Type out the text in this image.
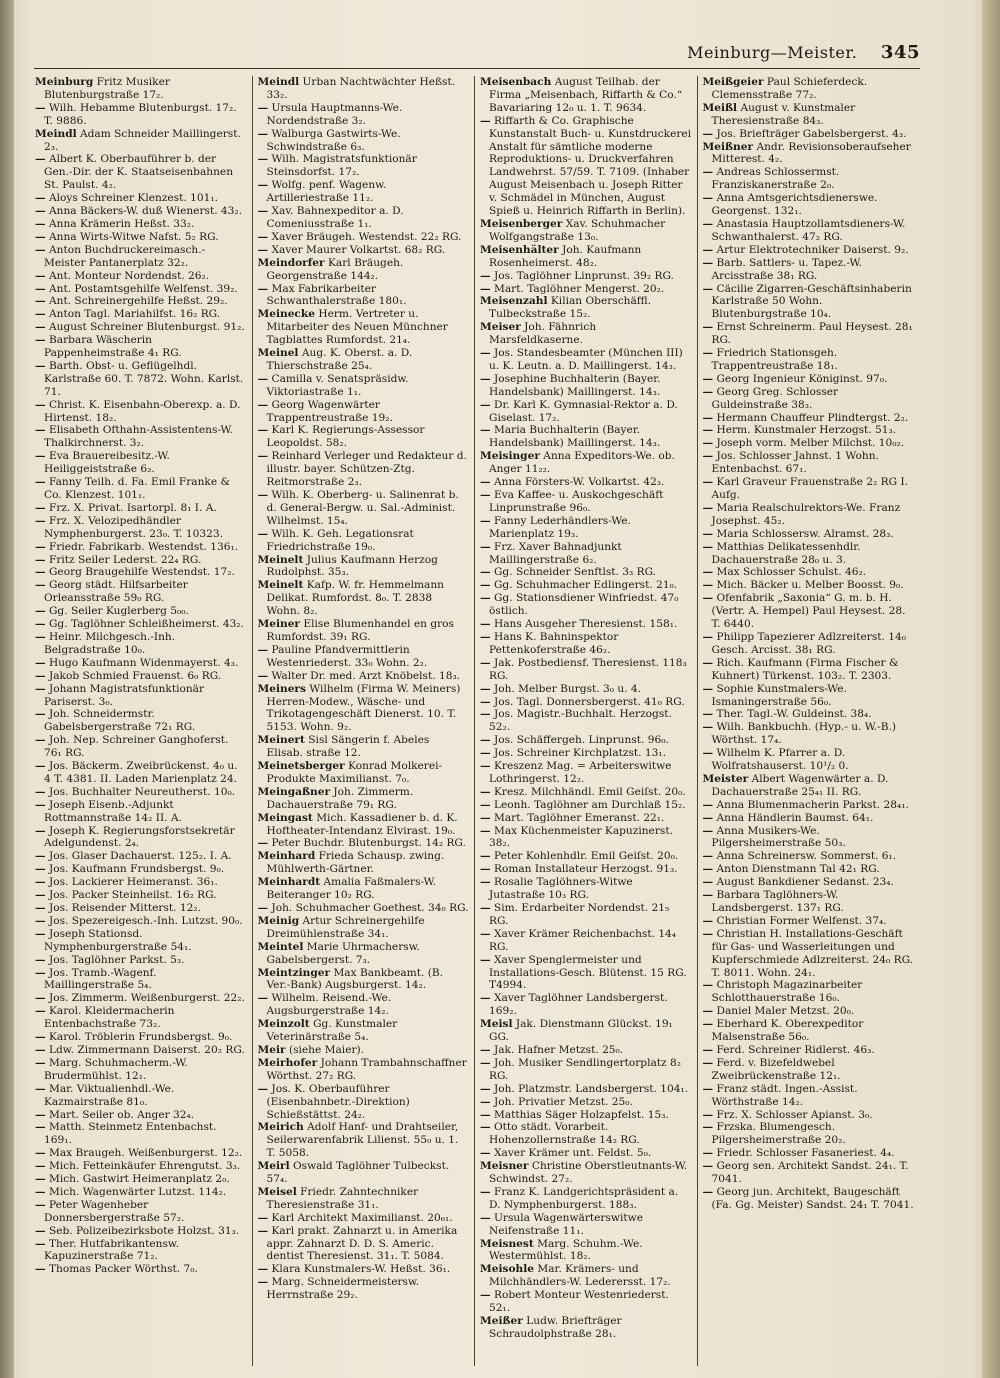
Meinburg—Meister. 345

Meinburg Fritz Musiker Blutenburgstraße 17₂.

— Wilh. Hebamme Blutenburgst. 17₂. T. 9886.

Meindl Adam Schneider Maillingerst. 2₃.

— Albert K. Oberbauführer b. der Gen.-Dir. der K. Staatseisenbahnen St. Paulst. 4₂.

— Aloys Schreiner Klenzest. 101₁.

— Anna Bäckers-W. duß Wienerst. 43₂.

— Anna Krämerin Heßst. 33₂.

— Anna Wirts-Witwe Nafst. 5₂ RG.

— Anton Buchdruckereimasch.-Meister Pantanerplatz 32₂.

— Ant. Monteur Nordendst. 26₂.

— Ant. Postamtsgehilfe Welfenst. 39₂.

— Ant. Schreinergehilfe Heßst. 29₂.

— Anton Tagl. Mariahilfst. 16₂ RG.

— August Schreiner Blutenburgst. 91₂.

— Barbara Wäscherin Pappenheimstraße 4₁ RG.

— Barth. Obst- u. Geflügelhdl. Karlstraße 60. T. 7872. Wohn. Karlst. 71.

— Christ. K. Eisenbahn-Oberexp. a. D. Hirtenst. 18₂.

— Elisabeth Ofthahn-Assistentens-W. Thalkirchnerst. 3₂.

— Eva Brauereibesitz.-W. Heiliggeiststraße 6₂.

— Fanny Teilh. d. Fa. Emil Franke & Co. Klenzest. 101₁.

— Frz. X. Privat. Isartorpl. 8₁ I. A.

— Frz. X. Velozipedhändler Nymphenburgerst. 23₀. T. 10323.

— Friedr. Fabrikarb. Westendst. 136₁.

— Fritz Seiler Lederst. 22₄ RG.

— Georg Braugehilfe Westendst. 17₂.

— Georg städt. Hilfsarbeiter Orleansstraße 59₀ RG.

— Gg. Seiler Kuglerberg 5₀₀.

— Gg. Taglöhner Schleißheimerst. 43₂.

— Heinr. Milchgesch.-Inh. Belgradstraße 10₀.

— Hugo Kaufmann Widenmayerst. 4₃.

— Jakob Schmied Frauenst. 6₀ RG.

— Johann Magistratsfunktionär Pariserst. 3₀.

— Joh. Schneidermstr. Gabelsbergerstraße 72₁ RG.

— Joh. Nep. Schreiner Ganghoferst. 76₁ RG.

— Jos. Bäckerm. Zweibrückenst. 4₀ u. 4 T. 4381. II. Laden Marienplatz 24.

— Jos. Buchhalter Neureutherst. 10₀.

— Joseph Eisenb.-Adjunkt Rottmannstraße 14₂ II. A.

— Joseph K. Regierungsforstsekretär Adelgundenst. 2₄.

— Jos. Glaser Dachauerst. 125₂. I. A.

— Jos. Kaufmann Frundsbergst. 9₀.

— Jos. Lackierer Heimeranst. 36₁.

— Jos. Packer Steinheilst. 16₂ RG.

— Jos. Reisender Mitterst. 12₂.

— Jos. Spezereigesch.-Inh. Lutzst. 90₀.

— Joseph Stationsd. Nymphenburgerstraße 54₁.

— Jos. Taglöhner Parkst. 5₃.

— Jos. Tramb.-Wagenf. Maillingerstraße 5₄.

— Jos. Zimmerm. Weißenburgerst. 22₂.

— Karol. Kleidermacherin Entenbachstraße 73₂.

— Karol. Tröblerin Frundsbergst. 9₀.

— Ldw. Zimmermann Daiserst. 20₂ RG.

— Marg. Schuhmacherm.-W. Brudermühlst. 12₁.

— Mar. Viktualienhdl.-We. Kazmairstraße 81₀.

— Mart. Seiler ob. Anger 32₄.

— Matth. Steinmetz Entenbachst. 169₁.

— Max Braugeh. Weißenburgerst. 12₂.

— Mich. Fetteinkäufer Ehrengutst. 3₃.

— Mich. Gastwirt Heimeranplatz 2₀.

— Mich. Wagenwärter Lutzst. 114₂.

— Peter Wagenheber Donnersbergerstraße 57₂.

— Seb. Polizeibezirksbote Holzst. 31₃.

— Ther. Hutfabrikantensw. Kapuzinerstraße 71₂.

— Thomas Packer Wörthst. 7₀.

Meindl Urban Nachtwächter Heßst. 33₂.

— Ursula Hauptmanns-We. Nordendstraße 3₂.

— Walburga Gastwirts-We. Schwindstraße 6₃.

— Wilh. Magistratsfunktionär Steinsdorfst. 17₂.

— Wolfg. penf. Wagenw. Artilleriestraße 11₂.

— Xav. Bahnexpeditor a. D. Comeniusstraße 1₁.

— Xaver Bräugeh. Westendst. 22₂ RG.

— Xaver Maurer Volkartst. 68₂ RG.

Meindorfer Karl Bräugeh. Georgenstraße 144₂.

— Max Fabrikarbeiter Schwanthalerstraße 180₁.

Meinecke Herm. Vertreter u. Mitarbeiter des Neuen Münchner Tagblattes Rumfordst. 21₄.

Meinel Aug. K. Oberst. a. D. Thierschstraße 25₄.

— Camilla v. Senatspräsidw. Viktoriastraße 1₁.

— Georg Wagenwärter Trappentreustraße 19₂.

— Karl K. Regierungs-Assessor Leopoldst. 58₂.

— Reinhard Verleger und Redakteur d. illustr. bayer. Schützen-Ztg. Reitmorstraße 2₃.

— Wilh. K. Oberberg- u. Salinenrat b. d. General-Bergw. u. Sal.-Administ. Wilhelmst. 15₄.

— Wilh. K. Geh. Legationsrat Friedrichstraße 19₀.

Meinelt Julius Kaufmann Herzog Rudolphst. 35₃.

Meinelt Kafp. W. fr. Hemmelmann Delikat. Rumfordst. 8₀. T. 2838 Wohn. 8₂.

Meiner Elise Blumenhandel en gros Rumfordst. 39₁ RG.

— Pauline Pfandvermittlerin Westenriederst. 33₀ Wohn. 2₂.

— Walter Dr. med. Arzt Knöbelst. 18₃.

Meiners Wilhelm (Firma W. Meiners) Herren-Modew., Wäsche- und Trikotagengeschäft Dienerst. 10. T. 5153. Wohn. 9₂.

Meinert Sisl Sängerin f. Abeles Elisab. straße 12.

Meinetsberger Konrad Molkerei-Produkte Maximilianst. 7₀.

Meingaßner Joh. Zimmerm. Dachauerstraße 79₁ RG.

Meingast Mich. Kassadiener b. d. K. Hoftheater-Intendanz Elvirast. 19₀.

— Peter Buchdr. Blutenburgst. 14₂ RG.

Meinhard Frieda Schausp. zwing. Mühlwerth-Gärtner.

Meinhardt Amalia Faßmalers-W. Beiteranger 10₂ RG.

— Joh. Schuhmacher Goethest. 34₀ RG.

Meinig Artur Schreinergehilfe Dreimühlenstraße 34₁.

Meintel Marie Uhrmachersw. Gabelsbergerst. 7₃.

Meintzinger Max Bankbeamt. (B. Ver.-Bank) Augsburgerst. 14₂.

— Wilhelm. Reisend.-We. Augsburgerstraße 14₂.

Meinzolt Gg. Kunstmaler Veterinärstraße 5₄.

Meir (siehe Maier).

Meirhofer Johann Trambahnschaffner Wörthst. 27₂ RG.

— Jos. K. Oberbauführer (Eisenbahnbetr.-Direktion) Schießstättst. 24₂.

Meirich Adolf Hanf- und Drahtseiler, Seilerwarenfabrik Lilienst. 55₀ u. 1. T. 5058.

Meirl Oswald Taglöhner Tulbeckst. 57₄.

Meisel Friedr. Zahntechniker Theresienstraße 31₁.

— Karl Architekt Maximilianst. 20₆₁.

— Karl prakt. Zahnarzt u. in Amerika appr. Zahnarzt D. D. S. Americ. dentist Theresienst. 31₁. T. 5084.

— Klara Kunstmalers-W. Heßst. 36₁.

— Marg. Schneidermeistersw. Herrnstraße 29₂.

Meisenbach August Teilhab. der Firma „Meisenbach, Riffarth & Co.“ Bavariaring 12₀ u. 1. T. 9634.

— Riffarth & Co. Graphische Kunstanstalt Buch- u. Kunstdruckerei Anstalt für sämtliche moderne Reproduktions- u. Druckverfahren Landwehrst. 57/59. T. 7109. (Inhaber August Meisenbach u. Joseph Ritter v. Schmädel in München, August Spieß u. Heinrich Riffarth in Berlin).

Meisenberger Xav. Schuhmacher Wolfgangstraße 13₀.

Meisenhälter Joh. Kaufmann Rosenheimerst. 48₂.

— Jos. Taglöhner Linprunst. 39₂ RG.

— Mart. Taglöhner Mengerst. 20₂.

Meisenzahl Kilian Oberschäffl. Tulbeckstraße 15₂.

Meiser Joh. Fähnrich Marsfeldkaserne.

— Jos. Standesbeamter (München III) u. K. Leutn. a. D. Maillingerst. 14₃.

— Josephine Buchhalterin (Bayer. Handelsbank) Maillingerst. 14₃.

— Dr. Karl K. Gymnasial-Rektor a. D. Giselast. 17₂.

— Maria Buchhalterin (Bayer. Handelsbank) Maillingerst. 14₃.

Meisinger Anna Expeditors-We. ob. Anger 11₂₂.

— Anna Försters-W. Volkartst. 42₃.

— Eva Kaffee- u. Auskochgeschäft Linprunstraße 96₀.

— Fanny Lederhändlers-We. Marienplatz 19₃.

— Frz. Xaver Bahnadjunkt Maillingerstraße 6₂.

— Gg. Schneider Senftlst. 3₃ RG.

— Gg. Schuhmacher Edlingerst. 21₀.

— Gg. Stationsdiener Winfriedst. 47₀ östlich.

— Hans Ausgeher Theresienst. 158₁.

— Hans K. Bahninspektor Pettenkoferstraße 46₂.

— Jak. Postbediensf. Theresienst. 118₃ RG.

— Joh. Melber Burgst. 3₀ u. 4.

— Jos. Tagl. Donnersbergerst. 41₀ RG.

— Jos. Magistr.-Buchhalt. Herzogst. 52₂.

— Jos. Schäffergeh. Linprunst. 96₀.

— Jos. Schreiner Kirchplatzst. 13₁.

— Kreszenz Mag. = Arbeiterswitwe Lothringerst. 12₂.

— Kresz. Milchhändl. Emil Geiſst. 20₀.

— Leonh. Taglöhner am Durchlaß 15₂.

— Mart. Taglöhner Emeranst. 22₁.

— Max Küchenmeister Kapuzinerst. 38₂.

— Peter Kohlenhdlr. Emil Geiſst. 20₀.

— Roman Installateur Herzogst. 91₃.

— Rosalie Taglöhners-Witwe Jutastraße 10₃ RG.

— Sim. Erdarbeiter Nordendst. 21₅ RG.

— Xaver Krämer Reichenbachst. 14₄ RG.

— Xaver Spenglermeister und Installations-Gesch. Blütenst. 15 RG. T4994.

— Xaver Taglöhner Landsbergerst. 169₂.

Meisl Jak. Dienstmann Glückst. 19₁ GG.

— Jak. Hafner Metzst. 25₀.

— Joh. Musiker Sendlingertorplatz 8₂ RG.

— Joh. Platzmstr. Landsbergerst. 104₁.

— Joh. Privatier Metzst. 25₀.

— Matthias Säger Holzapfelst. 15₃.

— Otto städt. Vorarbeit. Hohenzollernstraße 14₂ RG.

— Xaver Krämer unt. Feldst. 5₀.

Meisner Christine Oberstleutnants-W. Schwindst. 27₂.

— Franz K. Landgerichtspräsident a. D. Nymphenburgerst. 188₃.

— Ursula Wagenwärterswitwe Neifenstraße 11₁.

Meisnest Marg. Schuhm.-We. Westermühlst. 18₂.

Meisohle Mar. Krämers- und Milchhändlers-W. Lederersst. 17₂.

— Robert Monteur Westenriederst. 52₁.

Meißer Ludw. Briefträger Schraudolphstraße 28₁.

Meißgeier Paul Schieferdeck. Clemensstraße 77₂.

Meißl August v. Kunstmaler Theresienstraße 84₃.

— Jos. Briefträger Gabelsbergerst. 4₃.

Meißner Andr. Revisionsoberaufseher Mitterest. 4₂.

— Andreas Schlossermst. Franziskanerstraße 2₀.

— Anna Amtsgerichtsdienerswe. Georgenst. 132₁.

— Anastasia Hauptzollamtsdieners-W. Schwanthalerst. 47₂ RG.

— Artur Elektrotechniker Daiserst. 9₂.

— Barb. Sattlers- u. Tapez.-W. Arcisstraße 38₁ RG.

— Cäcilie Zigarren-Geschäftsinhaberin Karlstraße 50 Wohn. Blutenburgstraße 10₄.

— Ernst Schreinerm. Paul Heysest. 28₁ RG.

— Friedrich Stationsgeh. Trappentreustraße 18₁.

— Georg Ingenieur Königinst. 97₀.

— Georg Greg. Schlosser Guldeinstraße 38₃.

— Hermann Chauffeur Plindtergst. 2₂.

— Herm. Kunstmaler Herzogst. 51₃.

— Joseph vorm. Melber Milchst. 10₀₂.

— Jos. Schlosser Jahnst. 1 Wohn. Entenbachst. 67₁.

— Karl Graveur Frauenstraße 2₂ RG I. Aufg.

— Maria Realschulrektors-We. Franz Josephst. 45₂.

— Maria Schlossersw. Alramst. 28₃.

— Matthias Delikatessenhdlr. Dachauerstraße 28₀ u. 3.

— Max Schlosser Schulst. 46₂.

— Mich. Bäcker u. Melber Boosst. 9₀.

— Ofenfabrik „Saxonia“ G. m. b. H. (Vertr. A. Hempel) Paul Heysest. 28. T. 6440.

— Philipp Tapezierer Adlzreiterst. 14₀ Gesch. Arcisst. 38₁ RG.

— Rich. Kaufmann (Firma Fischer & Kuhnert) Türkenst. 103₂. T. 2303.

— Sophie Kunstmalers-We. Ismaningerstraße 56₀.

— Ther. Tagl.-W. Guldeinst. 38₄.

— Wilh. Bankbuchh. (Hyp.- u. W.-B.) Wörthst. 17₄.

— Wilhelm K. Pfarrer a. D. Wolfratshauserst. 10¹/₂ 0.

Meister Albert Wagenwärter a. D. Dachauerstraße 25₄₁ II. RG.

— Anna Blumenmacherin Parkst. 28₄₁.

— Anna Händlerin Baumst. 64₁.

— Anna Musikers-We. Pilgersheimerstraße 50₃.

— Anna Schreinersw. Sommerst. 6₁.

— Anton Dienstmann Tal 42₁ RG.

— August Bankdiener Sedanst. 23₄.

— Barbara Taglöhners-W. Landsbergerst. 137₁ RG.

— Christian Former Welfenst. 37₄.

— Christian H. Installations-Geschäft für Gas- und Wasserleitungen und Kupferschmiede Adlzreiterst. 24₀ RG. T. 8011. Wohn. 24₁.

— Christoph Magazinarbeiter Schlotthauerstraße 16₀.

— Daniel Maler Metzst. 20₀.

— Eberhard K. Oberexpeditor Malsenstraße 56₀.

— Ferd. Schreiner Ridlerst. 46₃.

— Ferd. v. Bizefeldwebel Zweibrückenstraße 12₁.

— Franz städt. Ingen.-Assist. Wörthstraße 14₂.

— Frz. X. Schlosser Apianst. 3₀.

— Frzska. Blumengesch. Pilgersheimerstraße 20₂.

— Friedr. Schlosser Fasaneriest. 4₄.

— Georg sen. Architekt Sandst. 24₁. T. 7041.

— Georg jun. Architekt, Baugeschäft (Fa. Gg. Meister) Sandst. 24₁ T. 7041.
